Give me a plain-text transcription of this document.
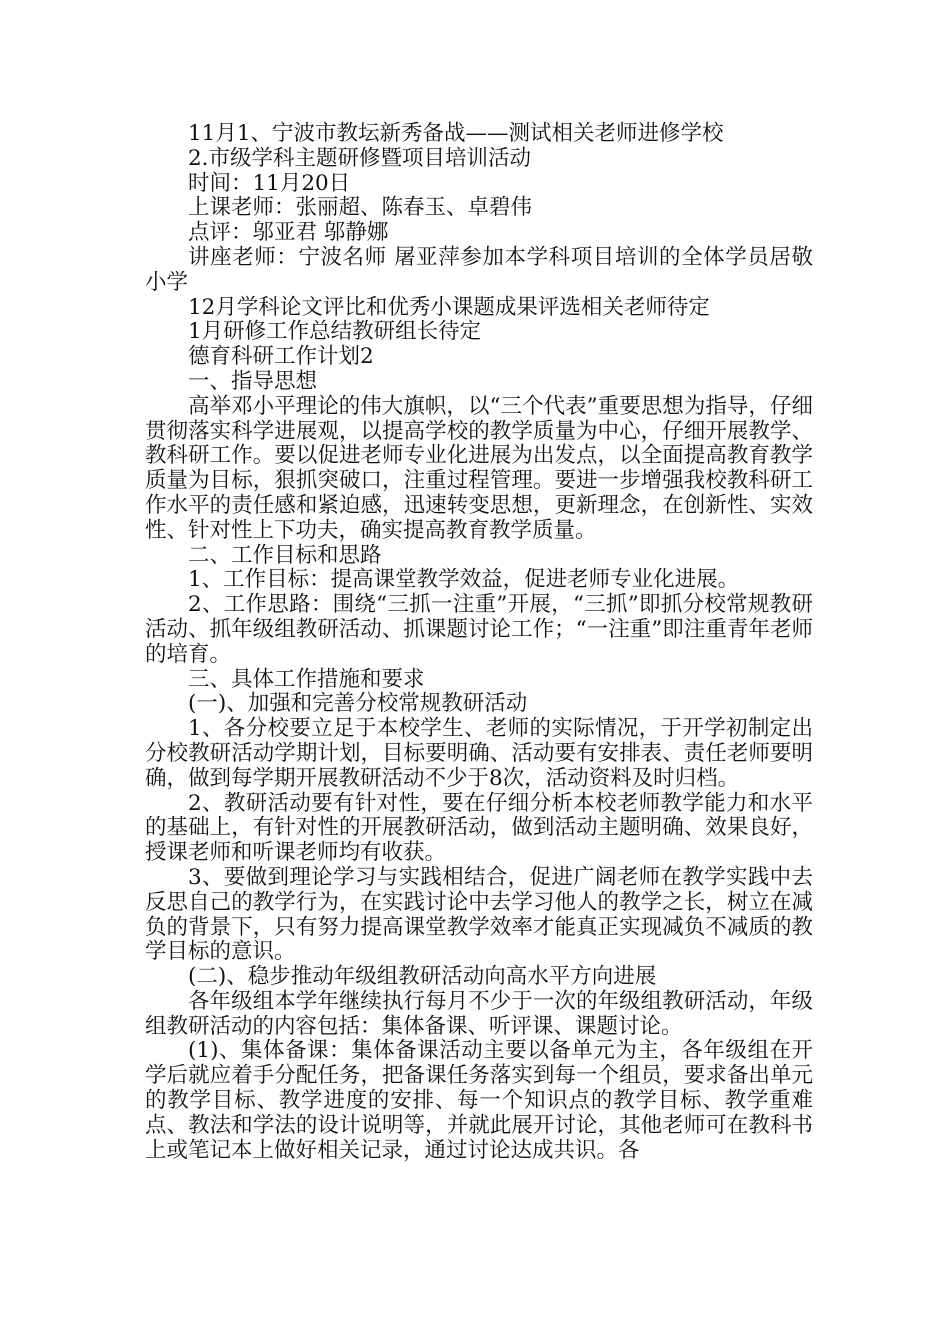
11月1、宁波市教坛新秀备战——测试相关老师进修学校

2.市级学科主题研修暨项目培训活动

时间：11月20日

上课老师：张丽超、陈春玉、卓碧伟

点评：邬亚君 邬静娜

讲座老师：宁波名师 屠亚萍参加本学科项目培训的全体学员居敬小学

12月学科论文评比和优秀小课题成果评选相关老师待定

1月研修工作总结教研组长待定

德育科研工作计划2

一、指导思想

高举邓小平理论的伟大旗帜，以“三个代表”重要思想为指导，仔细贯彻落实科学进展观，以提高学校的教学质量为中心，仔细开展教学、教科研工作。要以促进老师专业化进展为出发点，以全面提高教育教学质量为目标，狠抓突破口，注重过程管理。要进一步增强我校教科研工作水平的责任感和紧迫感，迅速转变思想，更新理念，在创新性、实效性、针对性上下功夫，确实提高教育教学质量。

二、工作目标和思路

1、工作目标：提高课堂教学效益，促进老师专业化进展。

2、工作思路：围绕“三抓一注重”开展，“三抓”即抓分校常规教研活动、抓年级组教研活动、抓课题讨论工作；“一注重”即注重青年老师的培育。

三、具体工作措施和要求

(一)、加强和完善分校常规教研活动

1、各分校要立足于本校学生、老师的实际情况，于开学初制定出分校教研活动学期计划，目标要明确、活动要有安排表、责任老师要明确，做到每学期开展教研活动不少于8次，活动资料及时归档。

2、教研活动要有针对性，要在仔细分析本校老师教学能力和水平的基础上，有针对性的开展教研活动，做到活动主题明确、效果良好，授课老师和听课老师均有收获。

3、要做到理论学习与实践相结合，促进广阔老师在教学实践中去反思自己的教学行为，在实践讨论中去学习他人的教学之长，树立在减负的背景下，只有努力提高课堂教学效率才能真正实现减负不减质的教学目标的意识。

(二)、稳步推动年级组教研活动向高水平方向进展

各年级组本学年继续执行每月不少于一次的年级组教研活动，年级组教研活动的内容包括：集体备课、听评课、课题讨论。

(1)、集体备课：集体备课活动主要以备单元为主，各年级组在开学后就应着手分配任务，把备课任务落实到每一个组员，要求备出单元的教学目标、教学进度的安排、每一个知识点的教学目标、教学重难点、教法和学法的设计说明等，并就此展开讨论，其他老师可在教科书上或笔记本上做好相关记录，通过讨论达成共识。各
